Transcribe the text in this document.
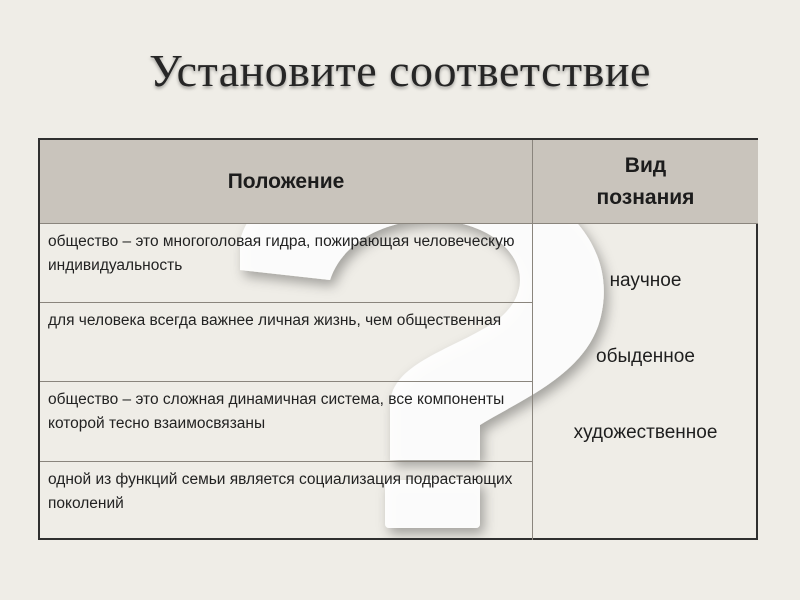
Установите соответствие
Положение
Вид
познания
общество – это многоголовая гидра, пожирающая человеческую индивидуальность
для человека всегда важнее личная жизнь, чем общественная
общество – это сложная динамичная система, все компоненты которой тесно взаимосвязаны
одной из функций семьи является социализация подрастающих поколений
научное
обыденное
художественное
